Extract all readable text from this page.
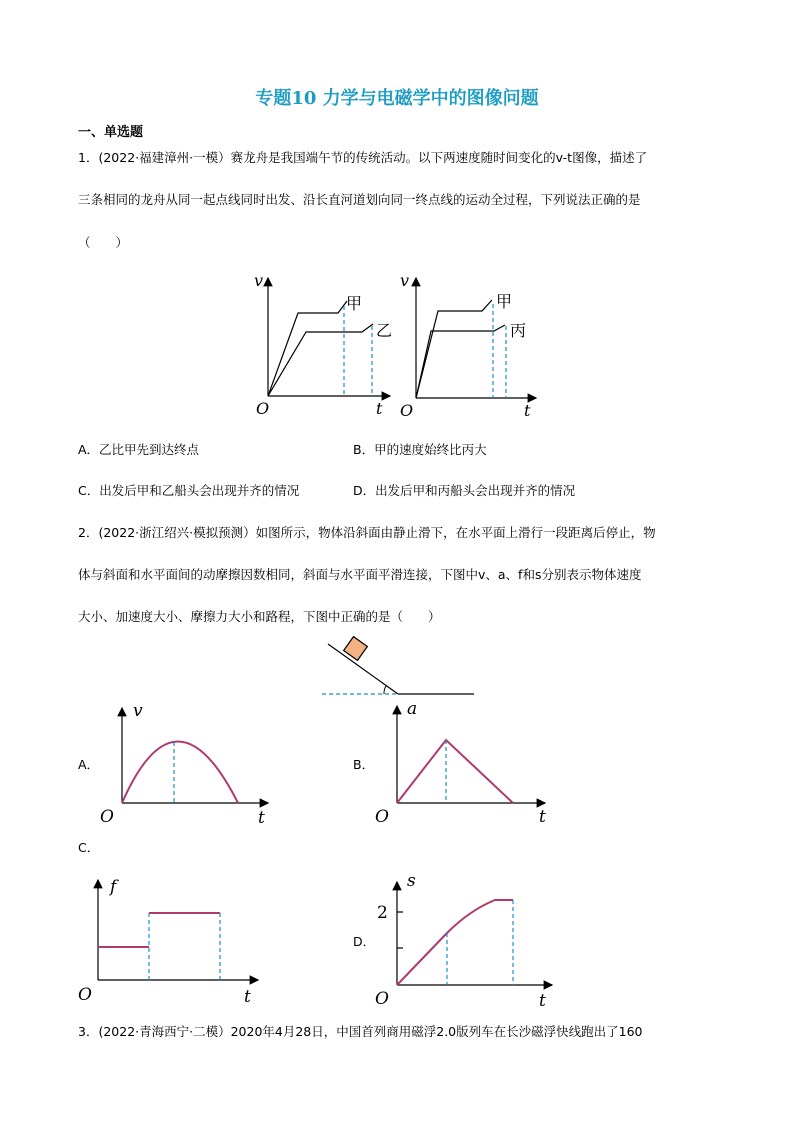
专题10 力学与电磁学中的图像问题
一、单选题
1．(2022·福建漳州·一模）赛龙舟是我国端午节的传统活动。以下两速度随时间变化的v-t图像，描述了
三条相同的龙舟从同一起点线同时出发、沿长直河道划向同一终点线的运动全过程，下列说法正确的是
（　　）
v
t
O
甲
乙
v
t
O
甲
丙
A．乙比甲先到达终点	B．甲的速度始终比丙大
C．出发后甲和乙船头会出现并齐的情况	D．出发后甲和丙船头会出现并齐的情况
2．(2022·浙江绍兴·模拟预测）如图所示，物体沿斜面由静止滑下，在水平面上滑行一段距离后停止，物
体与斜面和水平面间的动摩擦因数相同，斜面与水平面平滑连接，下图中v、a、f和s分别表示物体速度
大小、加速度大小、摩擦力大小和路程，下图中正确的是（　　）
A．
v
t
O
B．
a
t
O
C．
f
t
O
D．
s
2
t
O
3．(2022·青海西宁·二模）2020年4月28日，中国首列商用磁浮2.0版列车在长沙磁浮快线跑出了160
